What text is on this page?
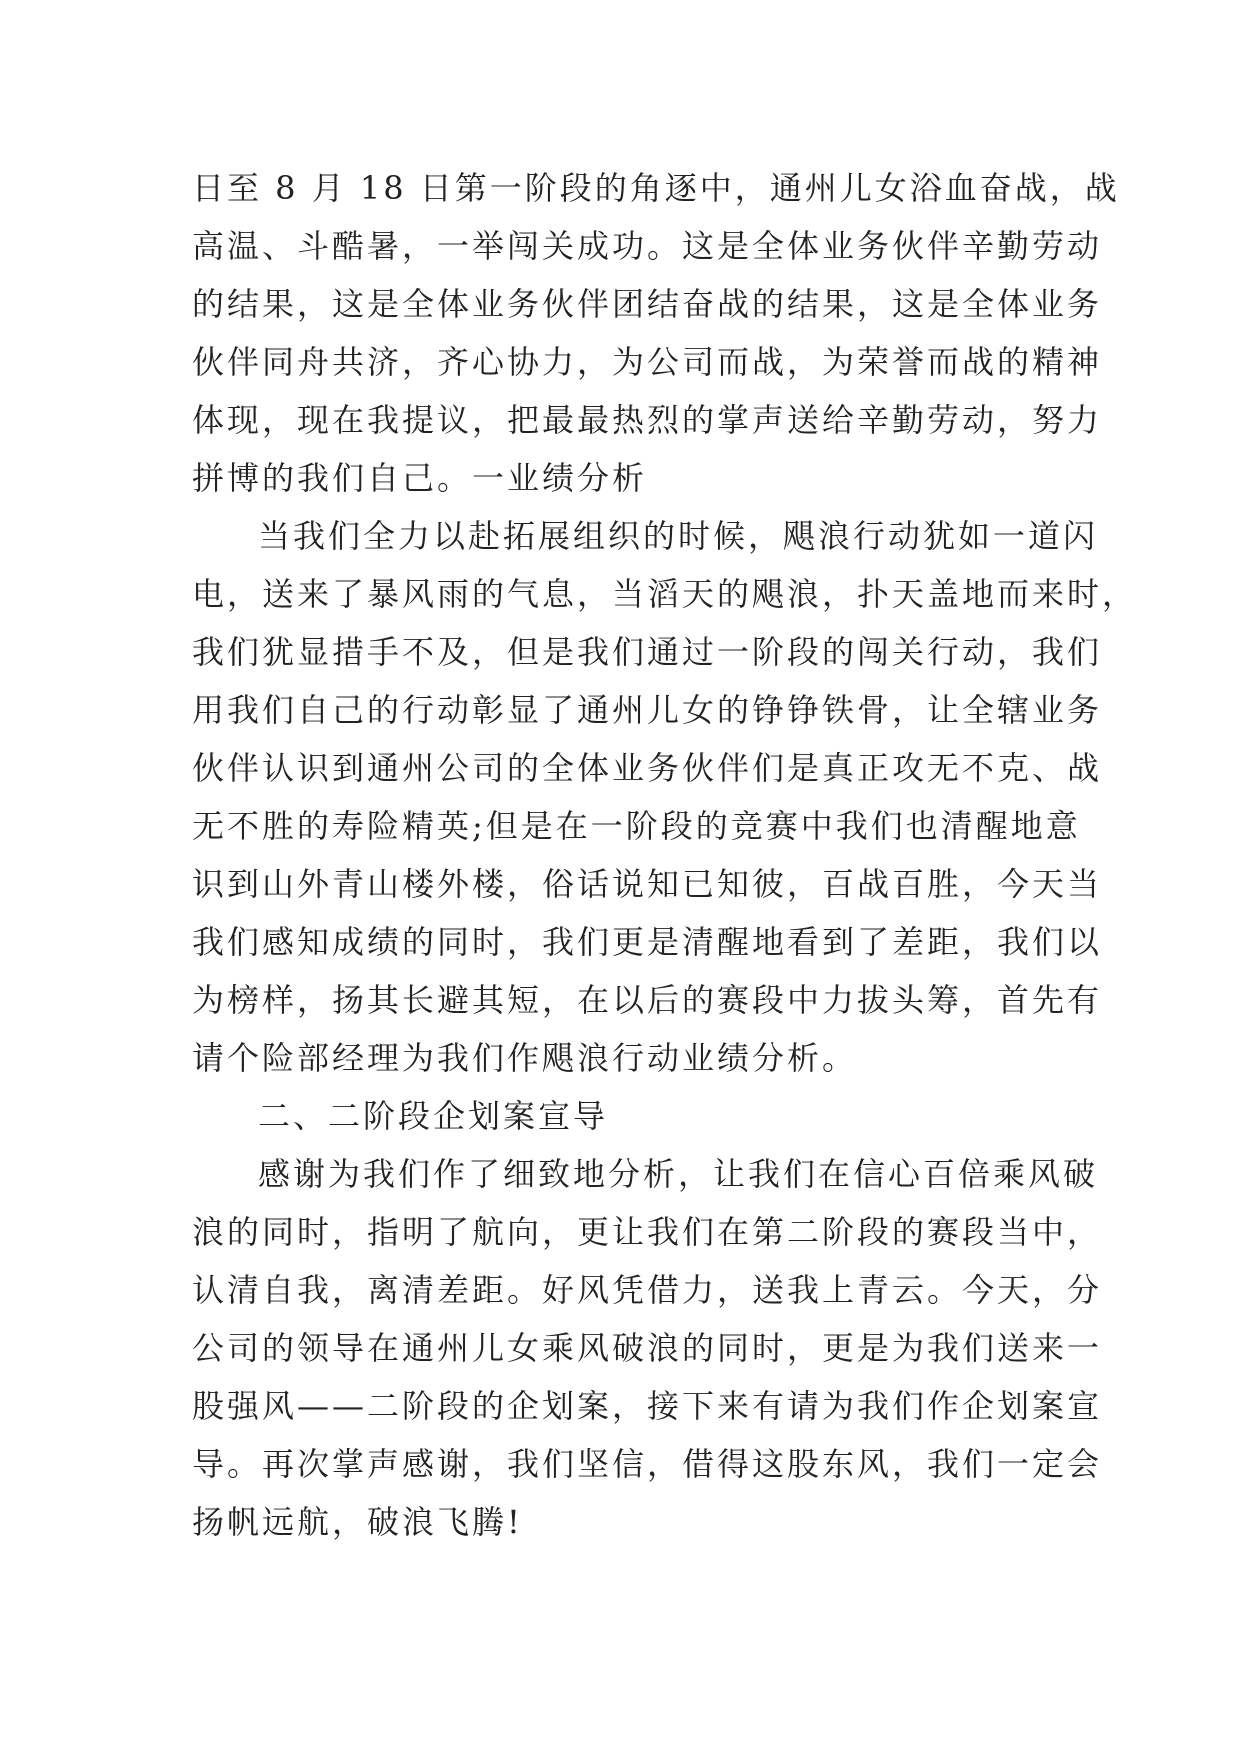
日至 8 月 18 日第一阶段的角逐中，通州儿女浴血奋战，战
高温、斗酷暑，一举闯关成功。这是全体业务伙伴辛勤劳动
的结果，这是全体业务伙伴团结奋战的结果，这是全体业务
伙伴同舟共济，齐心协力，为公司而战，为荣誉而战的精神
体现，现在我提议，把最最热烈的掌声送给辛勤劳动，努力
拼博的我们自己。一业绩分析
当我们全力以赴拓展组织的时候，飓浪行动犹如一道闪
电，送来了暴风雨的气息，当滔天的飓浪，扑天盖地而来时，
我们犹显措手不及，但是我们通过一阶段的闯关行动，我们
用我们自己的行动彰显了通州儿女的铮铮铁骨，让全辖业务
伙伴认识到通州公司的全体业务伙伴们是真正攻无不克、战
无不胜的寿险精英;但是在一阶段的竞赛中我们也清醒地意
识到山外青山楼外楼，俗话说知已知彼，百战百胜，今天当
我们感知成绩的同时，我们更是清醒地看到了差距，我们以
为榜样，扬其长避其短，在以后的赛段中力拔头筹，首先有
请个险部经理为我们作飓浪行动业绩分析。
二、二阶段企划案宣导
感谢为我们作了细致地分析，让我们在信心百倍乘风破
浪的同时，指明了航向，更让我们在第二阶段的赛段当中，
认清自我，离清差距。好风凭借力，送我上青云。今天，分
公司的领导在通州儿女乘风破浪的同时，更是为我们送来一
股强风——二阶段的企划案，接下来有请为我们作企划案宣
导。再次掌声感谢，我们坚信，借得这股东风，我们一定会
扬帆远航，破浪飞腾!
